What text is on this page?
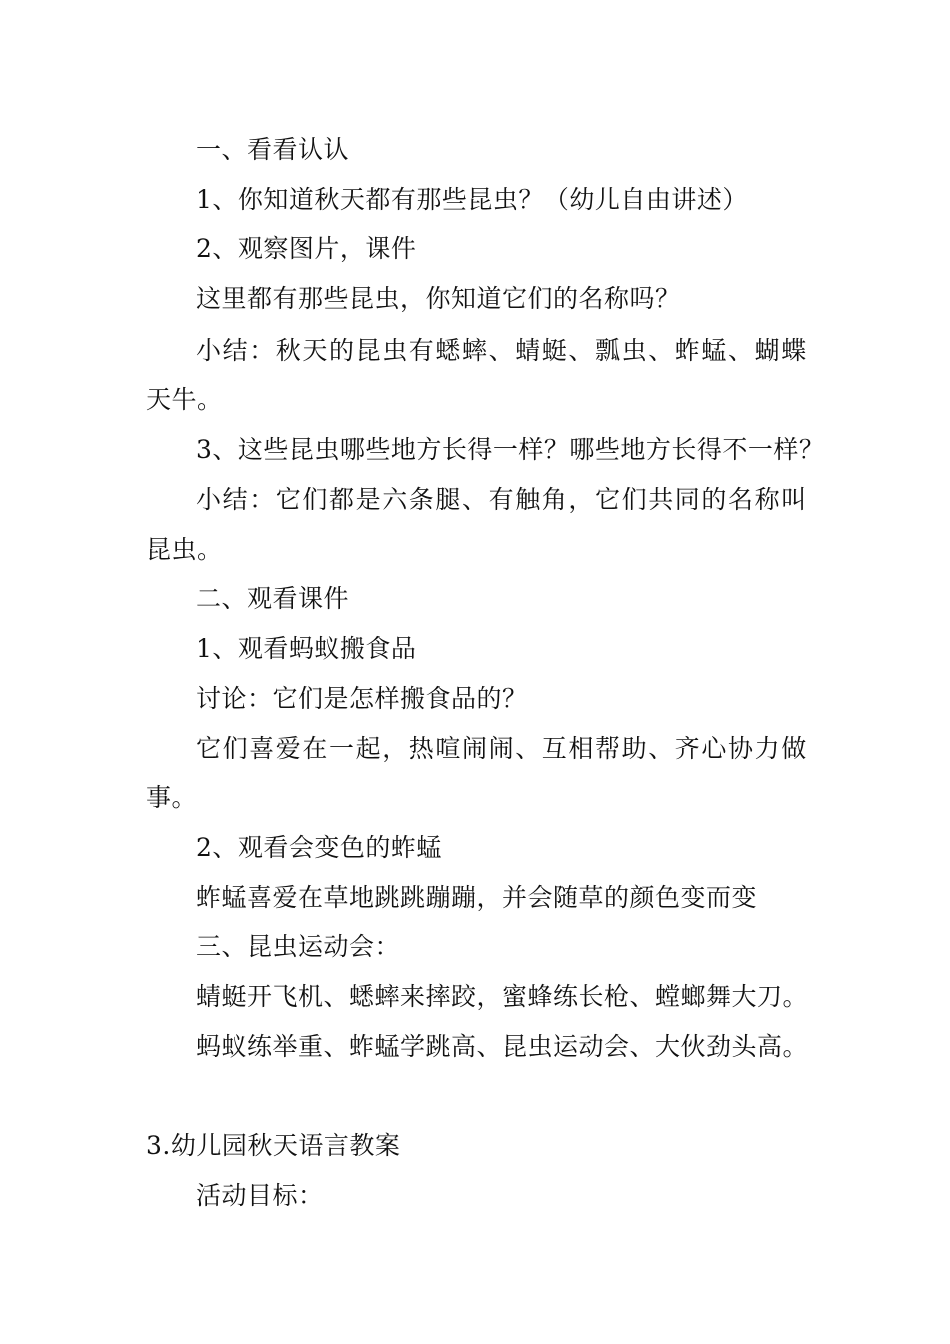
一、看看认认
1、你知道秋天都有那些昆虫？（幼儿自由讲述）
2、观察图片，课件
这里都有那些昆虫，你知道它们的名称吗？
小结：秋天的昆虫有蟋蟀、蜻蜓、瓢虫、蚱蜢、蝴蝶
天牛。
3、这些昆虫哪些地方长得一样？哪些地方长得不一样？
小结：它们都是六条腿、有触角，它们共同的名称叫
昆虫。
二、观看课件
1、观看蚂蚁搬食品
讨论：它们是怎样搬食品的？
它们喜爱在一起，热喧闹闹、互相帮助、齐心协力做
事。
2、观看会变色的蚱蜢
蚱蜢喜爱在草地跳跳蹦蹦，并会随草的颜色变而变
三、昆虫运动会：
蜻蜓开飞机、蟋蟀来摔跤，蜜蜂练长枪、螳螂舞大刀。
蚂蚁练举重、蚱蜢学跳高、昆虫运动会、大伙劲头高。
3.幼儿园秋天语言教案
活动目标：
